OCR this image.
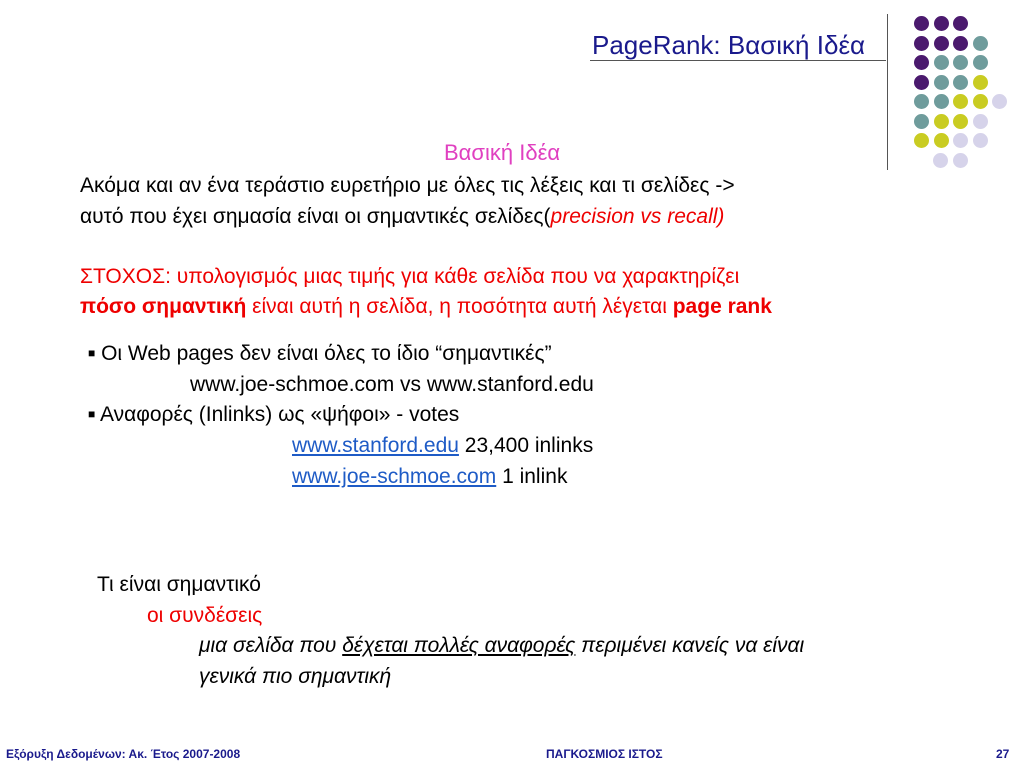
PageRank: Βασική Ιδέα
Βασική Ιδέα
Ακόμα και αν ένα τεράστιο ευρετήριο με όλες τις λέξεις και τι σελίδες ->
αυτό που έχει σημασία είναι οι σημαντικές σελίδες(precision vs recall)
ΣΤΟΧΟΣ: υπολογισμός μιας τιμής για κάθε σελίδα που να χαρακτηρίζει
πόσο σημαντική είναι αυτή η σελίδα, η ποσότητα αυτή λέγεται page rank
■ Οι Web pages δεν είναι όλες το ίδιο “σημαντικές”
www.joe-schmoe.com vs www.stanford.edu
■ Αναφορές (Inlinks) ως «ψήφοι» - votes
www.stanford.edu 23,400 inlinks
www.joe-schmoe.com 1 inlink
Τι είναι σημαντικό
οι συνδέσεις
μια σελίδα που δέχεται πολλές αναφορές περιμένει κανείς να είναι
γενικά πιο σημαντική
Εξόρυξη Δεδομένων: Ακ. Έτος 2007-2008	ΠΑΓΚΟΣΜΙΟΣ ΙΣΤΟΣ	27
